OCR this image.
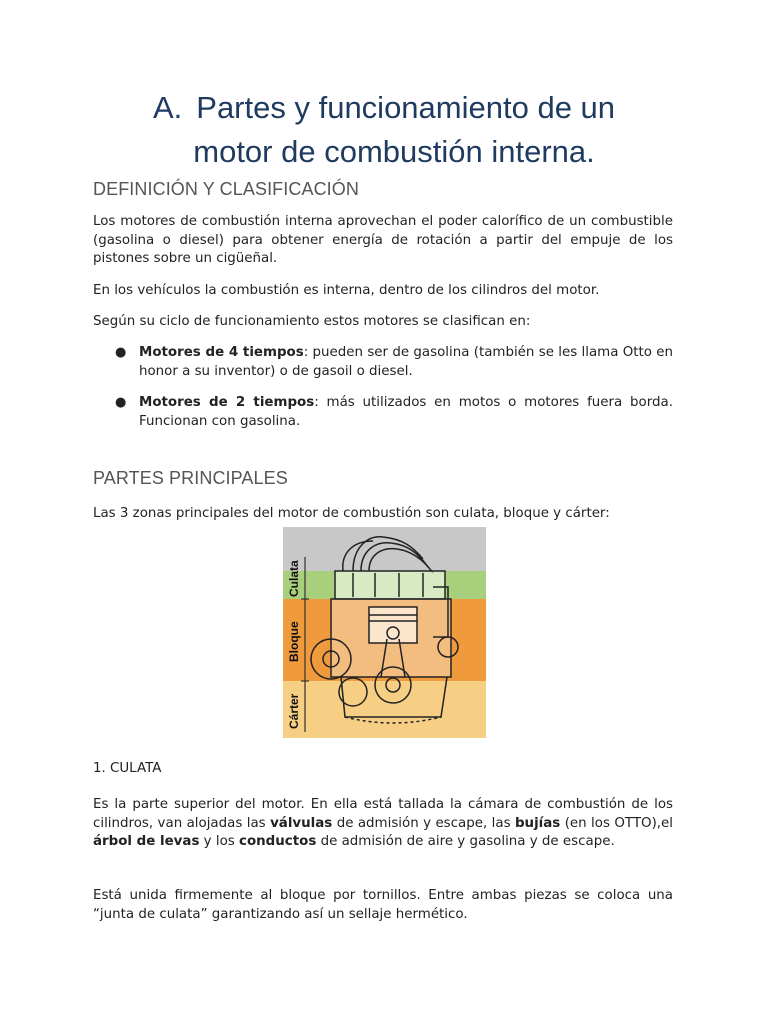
A. Partes y funcionamiento de un
motor de combustión interna.
DEFINICIÓN Y CLASIFICACIÓN

Los motores de combustión interna aprovechan el poder calorífico de un combustible (gasolina o diesel) para obtener energía de rotación a partir del empuje de los pistones sobre un cigüeñal.

En los vehículos la combustión es interna, dentro de los cilindros del motor.

Según su ciclo de funcionamiento estos motores se clasifican en:

● Motores de 4 tiempos: pueden ser de gasolina (también se les llama Otto en honor a su inventor) o de gasoil o diesel.
● Motores de 2 tiempos: más utilizados en motos o motores fuera borda. Funcionan con gasolina.
PARTES PRINCIPALES

Las 3 zonas principales del motor de combustión son culata, bloque y cárter:

Culata
Bloque
Cárter
1. CULATA

Es la parte superior del motor. En ella está tallada la cámara de combustión de los cilindros, van alojadas las válvulas de admisión y escape, las bujías (en los OTTO),el árbol de levas y los conductos de admisión de aire y gasolina y de escape.

Está unida firmemente al bloque por tornillos. Entre ambas piezas se coloca una “junta de culata” garantizando así un sellaje hermético.
